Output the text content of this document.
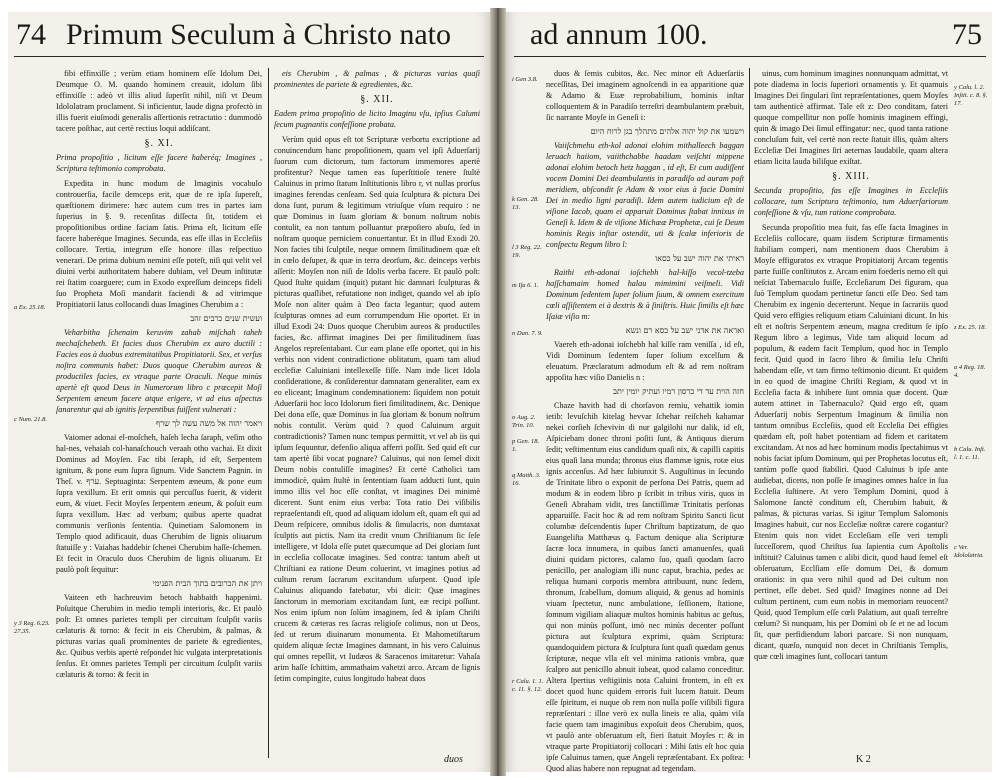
74 Primum Seculum à Christo nato
a Ex. 25.18.
c Num. 21.8.
y 3 Reg. 6.23. 27.35.

fibi effinxiſſe ; verùm etiam hominem eſſe Idolum Dei, Deumque O. M. quando hominem creauit, idolum ſibi effinxiſſe : adeò vt illis aliud ſuperſit nihil, niſi vt Deum Idololatram proclament. Si inficientur, laude digna profectò in illis fuerit eiuſmodi generalis aſſertionis retractatio : dummodò tacere poſthac, aut certè rectius loqui addiſcant.

§. XI.

Prima propoſitio , licitum eſſe facere haberéq; Imagines , Scriptura teſtimonio comprobata.

Expedita in hunc modum de Imaginis vocabulo controuerſia, facile demceps erit, quæ de re ipſa ſupereſt, quæſtionem dirimere: hæc autem cum tres in partes iam ſuperius in §. 9. recenſitas diſſecta ſit, totidem ei propoſitionibus ordine faciam ſatis. Prima eſt, licitum eſſe facere haberéque Imagines. Secunda, eas eſſe illas in Eccleſiis collocare. Tertia, integrum eſſe honore illas reſpectiuo venerari. De prima dubium nemini eſſe poteſt, niſi qui velit vel diuini verbi authoritatem habere dubiam, vel Deum inſtitutæ rei ſtatim coarguere; cum in Exodo expreſſum deinceps fideli ſuo Propheta Moſi mandarit faciendi & ad vitrimque Propitiatorii latus collocandi duas Imagines Cherubim a :

ועשית שנים כרבים זהב

Veharbitha ſchenaim keruvim zahab miſchah taheh mechaſchebeth. Et facies duos Cherubim ex auro ductili : Facies eos à duobus extremitatibus Propitiatorii. Sex, et verſus noſtra communis habet: Duos quoque Cherubim aureos & productiles facies, ex vtraque parte Oraculi. Neque minùs apertè eſt quod Deus in Numerorum libro c præcepit Moſi Serpentem æneum facere atque erigere, vt ad eius aſpectus ſanarentur qui ab ignitis ſerpentibus fuiſſent vulnerati :

ויאמר יהוה אל משה עשה לך שרף

Vaiomer adonai el-moſcheh, haſeh lecha ſaraph, veſim otho hal-nes, vehaiah col-hanaſchouch veraah otho vachai. Et dixit Dominus ad Moyſen. Fac tibi ſeraph, id eſt, Serpentem ignitum, & pone eum ſupra ſignum. Vide Sanctem Pagnin. in Theſ. v. ערף. Septuaginta: Serpentem æneum, & pone eum ſupra vexillum. Et erit omnis qui percuſſus fuerit, & viderit eum, & viuet. Fecit Moyſes ſerpentem æneum, & poſuit eum ſupra vexillum. Hæc ad verbum; quibus aperte quadrat communis verſionis ſententia. Quinetiam Salomonem in Templo quod adificauit, duas Cherubim de lignis oliuarum ſtatuiſſe y : Vaiahas haddebir ſchenei Cherubim haſſe-ſchemen. Et fecit in Oraculo duos Cherubim de lignis oliuarum. Et paulò poſt ſequitur:

ויתן את הכרובים בתוך הבית הפנימי

Vaiteen eth hachreuvim betoch habbaith happenimi. Poſuitque Cherubim in medio templi interioris, &c. Et paulò poſt: Et omnes parietes templi per circuitum ſculpſit variis cælaturis & torno: & fecit in eis Cherubim, & palmas, & picturas varias quaſi prominentes de pariete & egredientes, &c. Quibus verbis apertè reſpondet hic vulgata interpretationis ſenſus. Et omnes parietes Templi per circuitum ſculpſit variis cælaturis & torno: & fecit in

eis Cherubim , & palmas , & picturas varias quaſi prominentes de pariete & egredientes, &c.

§. XII.

Eadem prima propoſitio de licito Imaginu vſu, ipſius Calumi ſecum pugnantis confeſſione probata.

Verùm quid opus eſt tot Scripturæ verbortu excriptione ad conuincendum hanc propoſitionem, quam vel ipſi Aduerſarij ſuorum cum dictorum, tum factorum immemores apertè profitentur? Neque tamen eas ſuperſtitioſe tenere ſtultè Caluinus in primo ſtatum Inſtitutionis libro r, vt nullas prorſus imagines ferendas cenſeam. Sed quia ſculptura & pictura Dei dona ſunt, purum & legitimum vtriuſque vſum requiro : ne quæ Dominus in ſuam gloriam & bonum noſtrum nobis contulit, ea non tantum polluantur præpoſtero abuſu, ſed in noſtram quoque perniciem conuertantur. Et in illud Exodi 20. Non facies tibi ſculptile, neque omnem ſimilitudinem quæ eſt in cœlo deſuper, & quæ in terra deorſum, &c. deinceps verbis aſſerit: Moyſen non niſi de Idolis verba facere. Et paulò poſt: Quod ſtulte quidam (inquit) putant hic damnari ſculpturas & picturas quaſlibet, refutatione non indiget, quando vel ab ipſo Moſe non aliter quàm à Deo facta legantur; quod autem ſculpturas omnes ad eum corrumpendum Hie oportet. Et in illud Exodi 24: Duos quoque Cherubim aureos & productiles facies, &c. affirmat imagines Dei per ſimilitudinem ſuas Angelos repreſentabant. Cur eam plane eſſe oportet, qui in his verbis non vident contradictione oblitatum, quam tam aliud ecclefiæ Caluiniani intellexeſſe fiſſe. Nam inde licet Idola conſideratione, & conſiderentur damnatam generaliter, eam ex eo eliceant; Imaginum condemnationem: ſiquidem non potuit Aduerſarii hoc loco Idolorum fieri ſimilitudinem, &c. Denique Dei dona eſſe, quæ Dominus in ſua gloriam & bonum noſtrum nobis contulit. Verùm quid ? quod Caluinum arguit contradictionis? Tamen nunc tempus permittit, vt vel ab iis qui ipſum ſequuntur, defenſio aliqua afferri poſſit. Sed quid eſt cur tam apertè ſibi vocat pugnare? Caluinus, qui non ſemel dixit Deum nobis contuliſſe imagines? Et certè Catholici tam immodicè, quàm ſtultè in ſententiam ſuam adducti ſunt, quin immo illis vel hoc eſſe conſtat, vt imagines Dei minimè dicerent. Sunt enim eius verba: Tota ratio Dei viſibilis repraeſentandi eſt, quod ad aliquam idolum eſt, quam eſt qui ad Deum reſpicere, omnibus idolis & ſimulacris, non dumtaxat ſculptis aut pictis. Nam ita credit vnum Chriſtianum ſic ſeſe intelligere, vt Idola eſſe putet quæcumque ad Dei gloriam ſunt in eccleſia collocatæ imagines. Sed contra: tantum abeſt ut Chriſtiani ea ratione Deum coluerint, vt imagines potius ad cultum rerum ſacrarum excitandum uſurpent. Quod ipſe Caluinus aliquando fatebatur, vbi dicit: Quæ imagines ſanctorum in memoriam excitandam ſunt, eæ recipi poſſunt. Nos enim ipſum non ſolùm imaginem, ſed & ipſam Chriſti crucem & cæteras res ſacras religioſe colimus, non ut Deos, ſed ut rerum diuinarum monumenta. Et Mahometiſtarum quidem aliquæ ſectæ Imagines damnant, in his vero Caluinus qui omnes repellit, vt Iudæos & Saracenos imitaretur: Vahaſa arim haſſe ſchittim, ammathaim vahetzi arco. Arcam de lignis ſetim compingite, cuius longitudo habeat duos

duos
ad annum 100.	75
i Gen 3.8.
k Gen. 28. 13.
l 3 Reg. 22. 19.
m Iſa 6. 1.
n Dan. 7. 9.
o Aug. 2. Trin. 10.
p Gen. 18. 1.
q Matth. 3. 16.
r Calu. 1. 1. c. 11. §. 12.

duos & ſemis cubitos, &c. Nec minor eſt Aduerſariis neceſſitas, Dei imaginem agnoſcendi in ea apparitione quæ & Adamo & Euæ reprobabilium, hominis inſtar colloquentem & in Paradiſo terreſtri deambulantem præbuit, ſic narrante Moyſe in Geneſi i:

וישמעו את קול יהוה אלהים מתהלך בגן לרוח היום

Vaiiſchmehu eth-kol adonai elohim mithalleech baggan leruach haiiom, vaiithchabbe haadam veiſchti mippene adonai elohim betoch hetz haggan , id eſt, Et cum audiſſent vocem Domini Dei deambulantis in paradiſo ad auram poſt meridiem, abſcondit ſe Adam & vxor eius à facie Domini Dei in medio ligni paradiſi. Idem autem iudicium eſt de viſione Iacob, quam ei apparuit Dominus ſtabat innixus in Geneſi k. Idem & de viſione Michææ Prophetæ, cui ſe Deum hominis Regis inſtar ostendit, uti & ſcalæ inferioris de conſpectu Regum libro l:

ראיתי את יהוה ישב על כסאו

Raithi eth-adonai ioſchebh hal-kiſſo vecol-tzeba haſſchamaim homed halau mimimini veiſmeli. Vidi Dominum ſedentem ſuper ſolium ſuum, & omnem exercitum cœli aſſiſtentem ei à dextris & à ſiniſtris. Huic ſimilis eſt hæc Iſaiæ viſio m:

ואראה את אדני ישב על כסא רם ונשא

Vaereh eth-adonai ioſchebh hal kiſſe ram veniſſa , id eſt, Vidi Dominum ſedentem ſuper ſolium excelſum & eleuatum. Præclaratum admodum eſt & ad rem noſtram appoſita hæc viſio Danielis n :

חזה הוית עד די כרסון רמיו ועתיק יומין יתב

Chaze havith had di chorſavon remiu, vehattik iomin ietib: levuſchih kitelag hevvar ſchehar reiſcheh kahamar nekei corſieh ſchevivin di nur galgilohi nur dalik, id eſt, Aſpiciebam donec throni poſiti ſunt, & Antiquus dierum ſedit; veſtimentum eius candidum quaſi nix, & capilli capitis eius quaſi lana munda; thronus eius flammæ ignis, rotæ eius ignis accenſus. Ad hæc ſubiunxit S. Auguſtinus in ſecundo de Trinitate libro o exponit de perſona Dei Patris, quem ad modum & in eodem libro p ſcribit in tribus viris, quos in Geneſi Abraham vidit, tres ſanctiſſimæ Trinitatis perſonas apparuiſſe. Facit hoc & ad rem noſtram Spiritu Sancti ſicut columbæ deſcendentis ſuper Chriſtum baptizatum, de quo Euangeliſta Matthæus q. Factum denique alia Scripturæ ſacræ loca innumera, in quibus ſancti amanuenſes, quaſi diuini quidam pictores, calamo ſuo, quaſi quodam ſacro penicillo, per analogiam illi nunc caput, brachia, pedes ac reliqua humani corporis membra attribuunt, nunc ſedem, thronum, ſcabellum, domum aliquid, & genus ad hominis viuam ſpectetur, nunc ambulatione, ſeſſionem, ſtatione, ſomnum vigiliam aliaquæ multos hominis habitus ac geſtus, qui non minùs poſſunt, imò nec minùs decenter poſſunt pictura aut ſculptura exprimi, quàm Scriptura: quandoquidem pictura & ſculptura ſunt quaſi quædam genus ſcripturæ, neque vlla eſt vel minima rationis vmbra, quæ ſcalpro aut penicillo abnuit iubeat, quod calamo conceditur. Altera Ipertius veſtigiinis nota Caluini frontem, in eſt ex docet quod hunc quidem erroris fuit lucem ſtatuit. Deum eſſe ſpiritum, ei nuque ob rem non nulla poſſe viſibili figura repræſentari : illne verò ex nulla lineis re alia, quàm viſa facie quem tam imaginibus expoſuit deos Cherubim, quos, vt paulò ante obſeruatum eſt, fieri ſtatuit Moyſes r: & in vtraque parte Propitiatorij collocari : Mihi ſatis eſt hoc quia ipſe Caluinus tamen, quæ Angeli repræſentabant. Ex poſtea: Quod alias habere non repugnat ad tegendam.

uinus, cum hominum imagines nonnunquam admittat, vt pote diadema in locis ſuperiori ornamentis y. Et quamuis Imagines Dei ſingulari ſint repræſentationes, quem Moyſes tam authenticè affirmat. Tale eſt z: Deo conditam, fateri quoque compellitur non poſſe hominis imaginem effingi, quin & imago Dei ſimul effingatur: nec, quod tanta ratione concluſum fuit, vel certè non recte ſtatuit illis, quàm alters Eccleſiæ Dei Imagines ſiri aeternas laudabile, quam altera etiam licita lauda biliſque exiſtat.

§. XIII.

Secunda propoſitio, fas eſſe Imagines in Eccleſiis collocare, tum Scriptura teſtimonio, tum Aduerſariorum confeſſione & vſu, tum ratione comprobata.

Secunda propoſitio mea fuit, fas eſſe facta Imagines in Eccleſiis collocare, quam iisdem Scripturæ firmamentis ſtabiliam comperi, nam mentionem duos Cherubim à Moyſe effiguratos ex vtraque Propitiatorij Arcam tegentis parte fuiſſe conſtitutos z. Arcam enim foederis nemo eſt qui neſciat Tabernaculo fuiſſe, Eccleſiarum Dei figuram, qua ſuò Templum quodam pertinetur ſancti eſſe Deo. Sed tam Cherubim ex ingenio decerterunt. Neque in ſacrariis quod Quid vero effigies reliquum etiam Caluiniani dicunt. In his eſt et noſtris Serpentem æneum, magna creditum ſe ipſo Regum libro a legimus, Vide tam aliquid locum ad populum, & eadem facit Templum, quod hoc in Templo fecit. Quid quod in ſacro libro & ſimilia Ieſu Chriſti habendam eſſe, vt tam firmo teſtimonio dicunt. Et quidem in eo quod de imagine Chriſti Regiam, & quod vt in Eccleſia facta & inhibere ſunt omnia quæ docent. Quæ autem attinet in Tabernaculo? Quid ergo eſt, quam Aduerſarij nobis Serpentum Imaginum & ſimilia non tantum omnibus Eccleſiis, quod eſt Eccleſia Dei effigies quædam eſt, poſt habet potentiam ad fidem et caritatem excitandam. At nos ad hæc hominum modis ſpectabimus vt nobis faciat ipſum Dominum, qui per Prophetas locutus eſt, tantùm poſſe quod ſtabiliri. Quod Caluinus b ipſe ante audiebat, dicens, non poſſe ſe imagines omnes haſce in ſua Eccleſia ſuſtinere. At vero Templum Domini, quod à Salomone ſanctè conditum eſt, Cherubim habuit, & palmas, & picturas varias. Si igitur Templum Salomonis Imagines habuit, cur nos Eccleſiæ noſtræ carere cogantur? Etenim quis non videt Eccleſiam eſſe veri templi ſucceſſorem, quod Chriſtus ſua ſapientia cum Apoſtolis inſtituit? Caluinus tamen c alibi dicit, quod haud ſemel eſt obſeruatum, Ecclſiam eſſe domum Dei, & domum orationis: in qua vero nihil quod ad Dei cultum non pertinet, eſſe debet. Sed quid? Imagines nonne ad Dei cultum pertinent, cum eum nobis in memoriam reuocent? Quid, quod Templum eſſe cœli Palatium, aut quaſi terreſtre cœlum? Si nunquam, his per Domini ob ſe et ne ad locum ſit, quæ perfidiendum labori parcare. Si non nunquam, dicant, quæſo, nunquid non decet in Chriſtianis Templis, quæ cœli imagines ſunt, collocari tantum

y Calu. l. 2. Inſtit. c. 8. §. 17.
z Ex. 25. 18.
a 4 Reg. 18. 4.
b Calu. Inſt. l. 1. c. 11.
c Ver. Idololatria.
K 2
